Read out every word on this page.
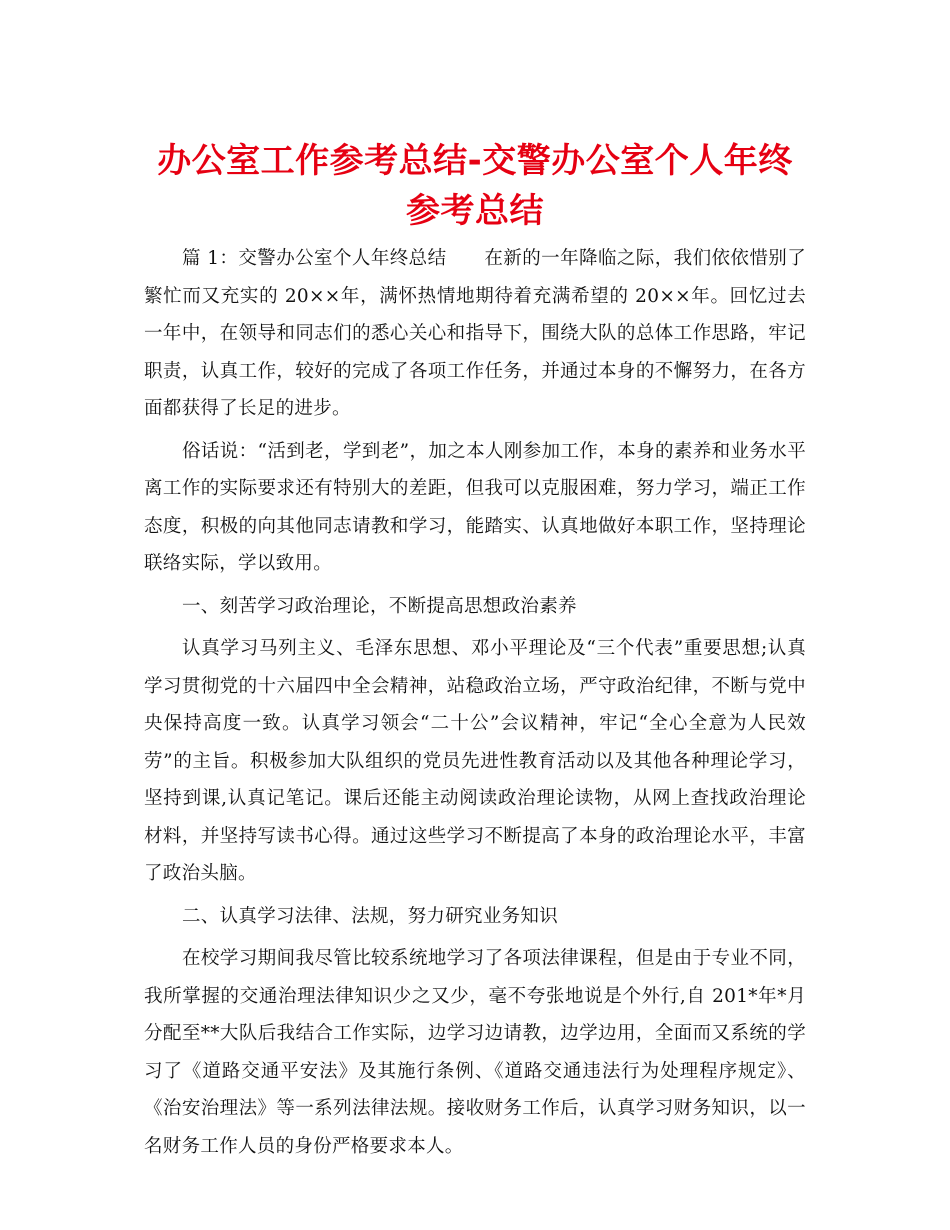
办公室工作参考总结-交警办公室个人年终参考总结

篇 1：交警办公室个人年终总结　　在新的一年降临之际，我们依依惜别了繁忙而又充实的 20××年，满怀热情地期待着充满希望的 20××年。回忆过去一年中，在领导和同志们的悉心关心和指导下，围绕大队的总体工作思路，牢记职责，认真工作，较好的完成了各项工作任务，并通过本身的不懈努力，在各方面都获得了长足的进步。

俗话说：“活到老，学到老”，加之本人刚参加工作，本身的素养和业务水平离工作的实际要求还有特别大的差距，但我可以克服困难，努力学习，端正工作态度，积极的向其他同志请教和学习，能踏实、认真地做好本职工作，坚持理论联络实际，学以致用。

一、刻苦学习政治理论，不断提高思想政治素养

认真学习马列主义、毛泽东思想、邓小平理论及“三个代表”重要思想;认真学习贯彻党的十六届四中全会精神，站稳政治立场，严守政治纪律，不断与党中央保持高度一致。认真学习领会“二十公”会议精神，牢记“全心全意为人民效劳”的主旨。积极参加大队组织的党员先进性教育活动以及其他各种理论学习，坚持到课,认真记笔记。课后还能主动阅读政治理论读物，从网上查找政治理论材料，并坚持写读书心得。通过这些学习不断提高了本身的政治理论水平，丰富了政治头脑。

二、认真学习法律、法规，努力研究业务知识

在校学习期间我尽管比较系统地学习了各项法律课程，但是由于专业不同，我所掌握的交通治理法律知识少之又少，毫不夸张地说是个外行,自 201*年*月分配至**大队后我结合工作实际，边学习边请教，边学边用，全面而又系统的学习了《道路交通平安法》及其施行条例、《道路交通违法行为处理程序规定》、《治安治理法》等一系列法律法规。接收财务工作后，认真学习财务知识，以一名财务工作人员的身份严格要求本人。
